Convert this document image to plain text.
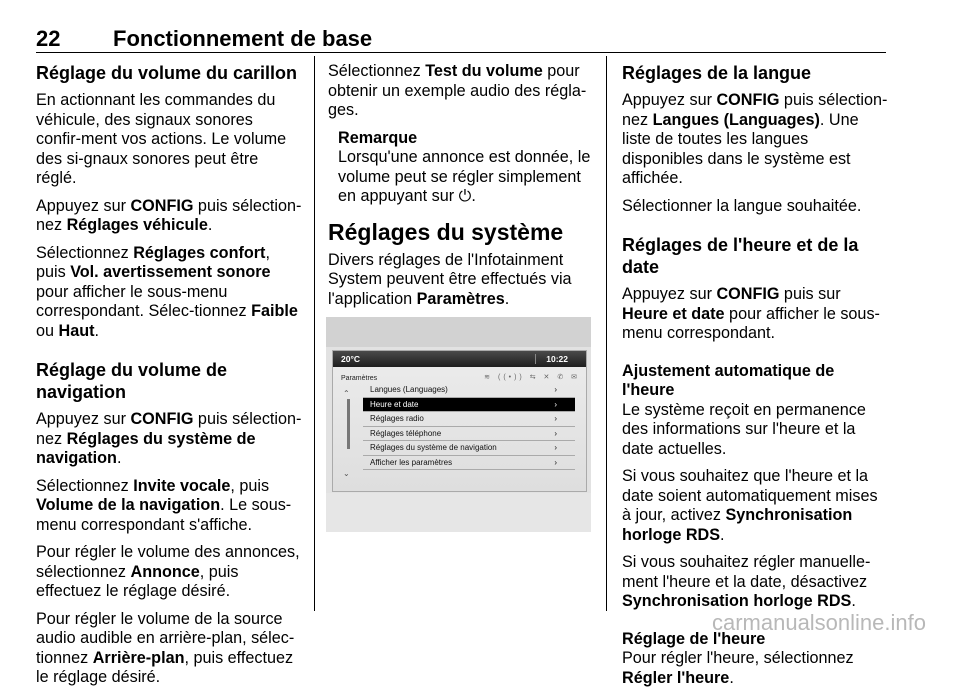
22 Fonctionnement de base
Réglage du volume du carillon

En actionnant les commandes du véhicule, des signaux sonores confir-ment vos actions. Le volume des si-gnaux sonores peut être réglé.

Appuyez sur CONFIG puis sélection-nez Réglages véhicule.

Sélectionnez Réglages confort, puis Vol. avertissement sonore pour afficher le sous-menu correspondant. Sélec-tionnez Faible ou Haut.

Réglage du volume de navigation

Appuyez sur CONFIG puis sélection-nez Réglages du système de navigation.

Sélectionnez Invite vocale, puis Volume de la navigation. Le sous-menu correspondant s'affiche.

Pour régler le volume des annonces, sélectionnez Annonce, puis effectuez le réglage désiré.

Pour régler le volume de la source audio audible en arrière-plan, sélec-tionnez Arrière-plan, puis effectuez le réglage désiré.

Sélectionnez Test du volume pour obtenir un exemple audio des régla-ges.

Remarque
Lorsqu'une annonce est donnée, le volume peut se régler simplement en appuyant sur ⏻.
Réglages du système

Divers réglages de l'Infotainment System peuvent être effectués via l'application Paramètres.

20°C	10:22
Paramètres	≋ ((•)) ⇆ ✕ ✆ ✉
⌃
⌄
Langues (Languages)	›
Heure et date	›
Réglages radio	›
Réglages téléphone	›
Réglages du système de navigation	›
Afficher les paramètres	›
Réglages de la langue

Appuyez sur CONFIG puis sélection-nez Langues (Languages). Une liste de toutes les langues disponibles dans le système est affichée.

Sélectionner la langue souhaitée.

Réglages de l'heure et de la date

Appuyez sur CONFIG puis sur Heure et date pour afficher le sous-menu correspondant.

Ajustement automatique de l'heure

Le système reçoit en permanence des informations sur l'heure et la date actuelles.

Si vous souhaitez que l'heure et la date soient automatiquement mises à jour, activez Synchronisation horloge RDS.

Si vous souhaitez régler manuelle-ment l'heure et la date, désactivez Synchronisation horloge RDS.

Réglage de l'heure

Pour régler l'heure, sélectionnez Régler l'heure.

carmanualsonline.info
